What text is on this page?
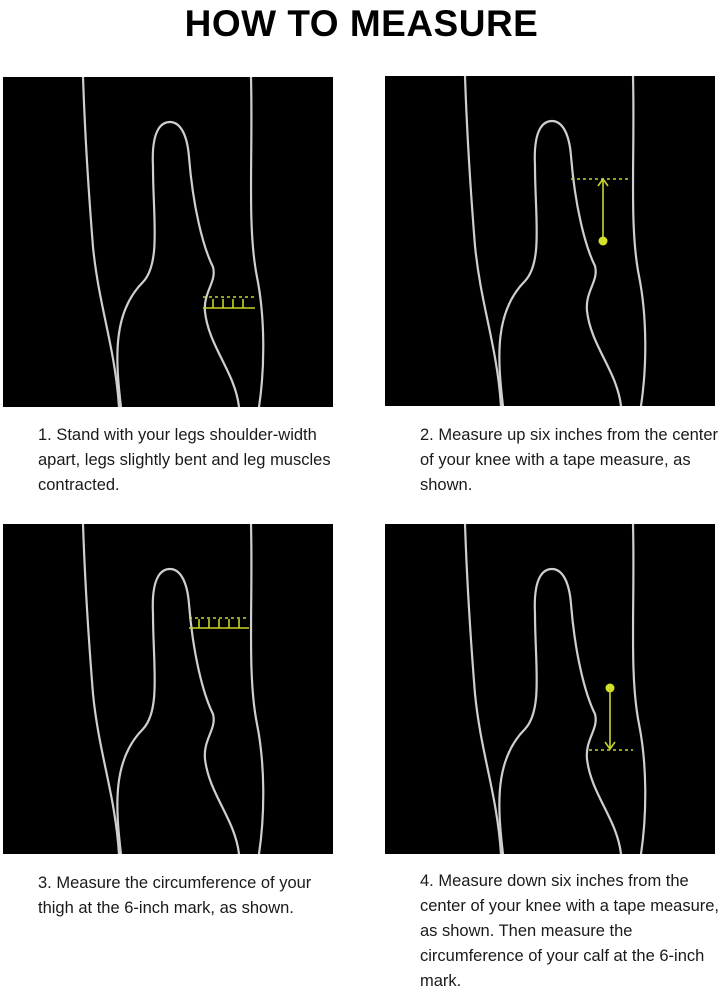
HOW TO MEASURE
1. Stand with your legs shoulder-width apart, legs slightly bent and leg muscles contracted.
2. Measure up six inches from the center of your knee with a tape measure, as shown.
3. Measure the circumference of your thigh at the 6-inch mark, as shown.
4. Measure down six inches from the center of your knee with a tape measure, as shown. Then measure the circumference of your calf at the 6-inch mark.
